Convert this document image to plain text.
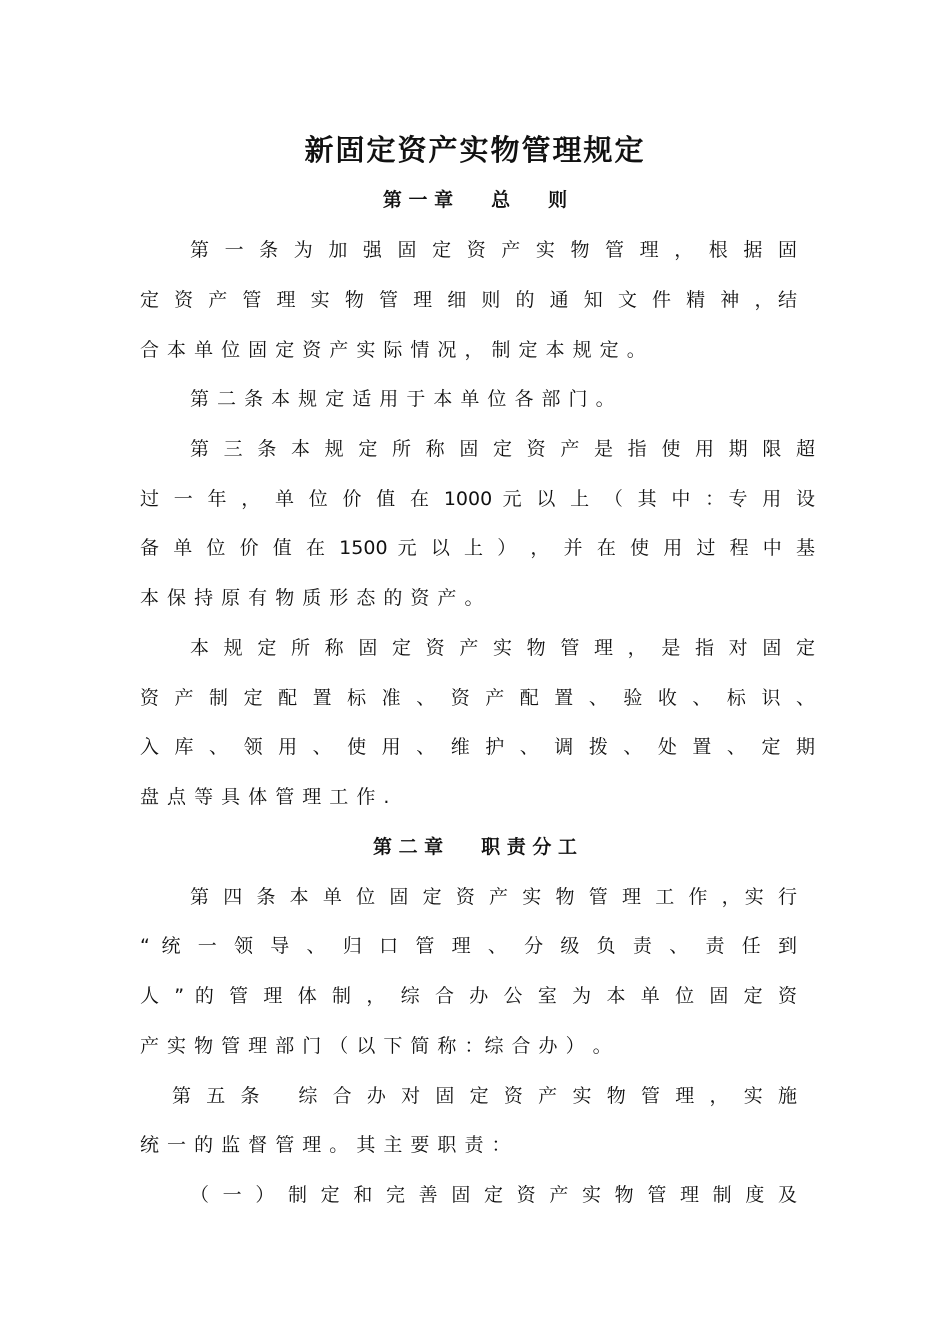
新固定资产实物管理规定
第 一 章　　总　　则

第 一 条 为 加 强 固 定 资 产 实 物 管 理 ， 根 据 固

定 资 产 管 理 实 物 管 理 细 则 的 通 知 文 件 精 神 ，结

合 本 单 位 固 定 资 产 实 际 情 况 ， 制 定 本 规 定 。

第 二 条 本 规 定 适 用 于 本 单 位 各 部 门 。

第 三 条 本 规 定 所 称 固 定 资 产 是 指 使 用 期 限 超

过 一 年 ， 单 位 价 值 在 1000 元 以 上 （ 其 中 ：专 用 设

备 单 位 价 值 在 1500 元 以 上 ） ， 并 在 使 用 过 程 中 基

本 保 持 原 有 物 质 形 态 的 资 产 。

本 规 定 所 称 固 定 资 产 实 物 管 理 ， 是 指 对 固 定

资 产 制 定 配 置 标 准 、 资 产 配 置 、 验 收 、 标 识 、

入 库 、 领 用 、 使 用 、 维 护 、 调 拨 、 处 置 、 定 期

盘 点 等 具 体 管 理 工 作 .

第 二 章　　职 责 分 工

第 四 条 本 单 位 固 定 资 产 实 物 管 理 工 作 ，实 行

“ 统 一 领 导 、 归 口 管 理 、 分 级 负 责 、 责 任 到

人 ” 的 管 理 体 制 ， 综 合 办 公 室 为 本 单 位 固 定 资

产 实 物 管 理 部 门 （ 以 下 简 称 ：综 合 办 ） 。

第 五 条　 综 合 办 对 固 定 资 产 实 物 管 理 ， 实 施

统 一 的 监 督 管 理 。 其 主 要 职 责 ：

（ 一 ） 制 定 和 完 善 固 定 资 产 实 物 管 理 制 度 及
